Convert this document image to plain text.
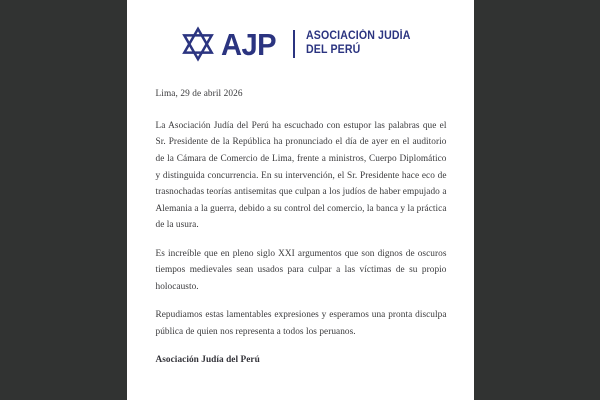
AJP	ASOCIACIÓN JUDÍA
DEL PERÚ

Lima, 29 de abril 2026

La Asociación Judía del Perú ha escuchado con estupor las palabras que el Sr. Presidente de la República ha pronunciado el día de ayer en el auditorio de la Cámara de Comercio de Lima, frente a ministros, Cuerpo Diplomático y distinguida concurrencia. En su intervención, el Sr. Presidente hace eco de trasnochadas teorías antisemitas que culpan a los judíos de haber empujado a Alemania a la guerra, debido a su control del comercio, la banca y la práctica de la usura.

Es increíble que en pleno siglo XXI argumentos que son dignos de oscuros tiempos medievales sean usados para culpar a las víctimas de su propio holocausto.

Repudiamos estas lamentables expresiones y esperamos una pronta disculpa pública de quien nos representa a todos los peruanos.

Asociación Judía del Perú
